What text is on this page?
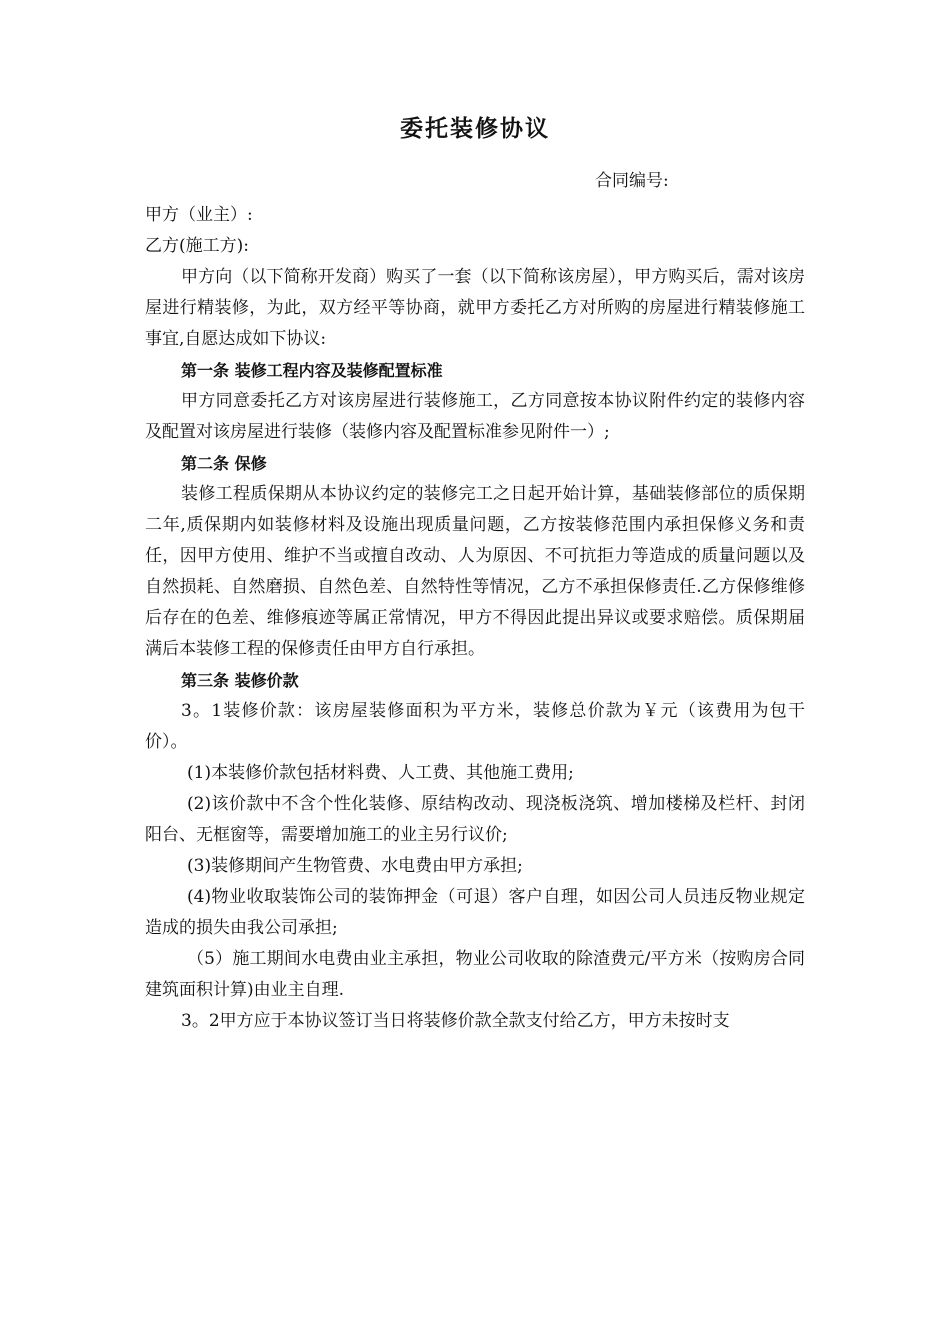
委托装修协议
合同编号:

甲方（业主）:

乙方(施工方):

甲方向（以下简称开发商）购买了一套（以下简称该房屋），甲方购买后，需对该房屋进行精装修，为此，双方经平等协商，就甲方委托乙方对所购的房屋进行精装修施工事宜,自愿达成如下协议:

第一条 装修工程内容及装修配置标准

甲方同意委托乙方对该房屋进行装修施工，乙方同意按本协议附件约定的装修内容及配置对该房屋进行装修（装修内容及配置标准参见附件一）;

第二条 保修

装修工程质保期从本协议约定的装修完工之日起开始计算，基础装修部位的质保期二年,质保期内如装修材料及设施出现质量问题，乙方按装修范围内承担保修义务和责任，因甲方使用、维护不当或擅自改动、人为原因、不可抗拒力等造成的质量问题以及自然损耗、自然磨损、自然色差、自然特性等情况，乙方不承担保修责任.乙方保修维修后存在的色差、维修痕迹等属正常情况，甲方不得因此提出异议或要求赔偿。质保期届满后本装修工程的保修责任由甲方自行承担。

第三条 装修价款

3。1装修价款：该房屋装修面积为平方米，装修总价款为￥元（该费用为包干价）。

(1)本装修价款包括材料费、人工费、其他施工费用;

(2)该价款中不含个性化装修、原结构改动、现浇板浇筑、增加楼梯及栏杆、封闭阳台、无框窗等，需要增加施工的业主另行议价;

(3)装修期间产生物管费、水电费由甲方承担;

(4)物业收取装饰公司的装饰押金（可退）客户自理，如因公司人员违反物业规定造成的损失由我公司承担;

（5）施工期间水电费由业主承担，物业公司收取的除渣费元/平方米（按购房合同建筑面积计算)由业主自理.

3。2甲方应于本协议签订当日将装修价款全款支付给乙方，甲方未按时支
